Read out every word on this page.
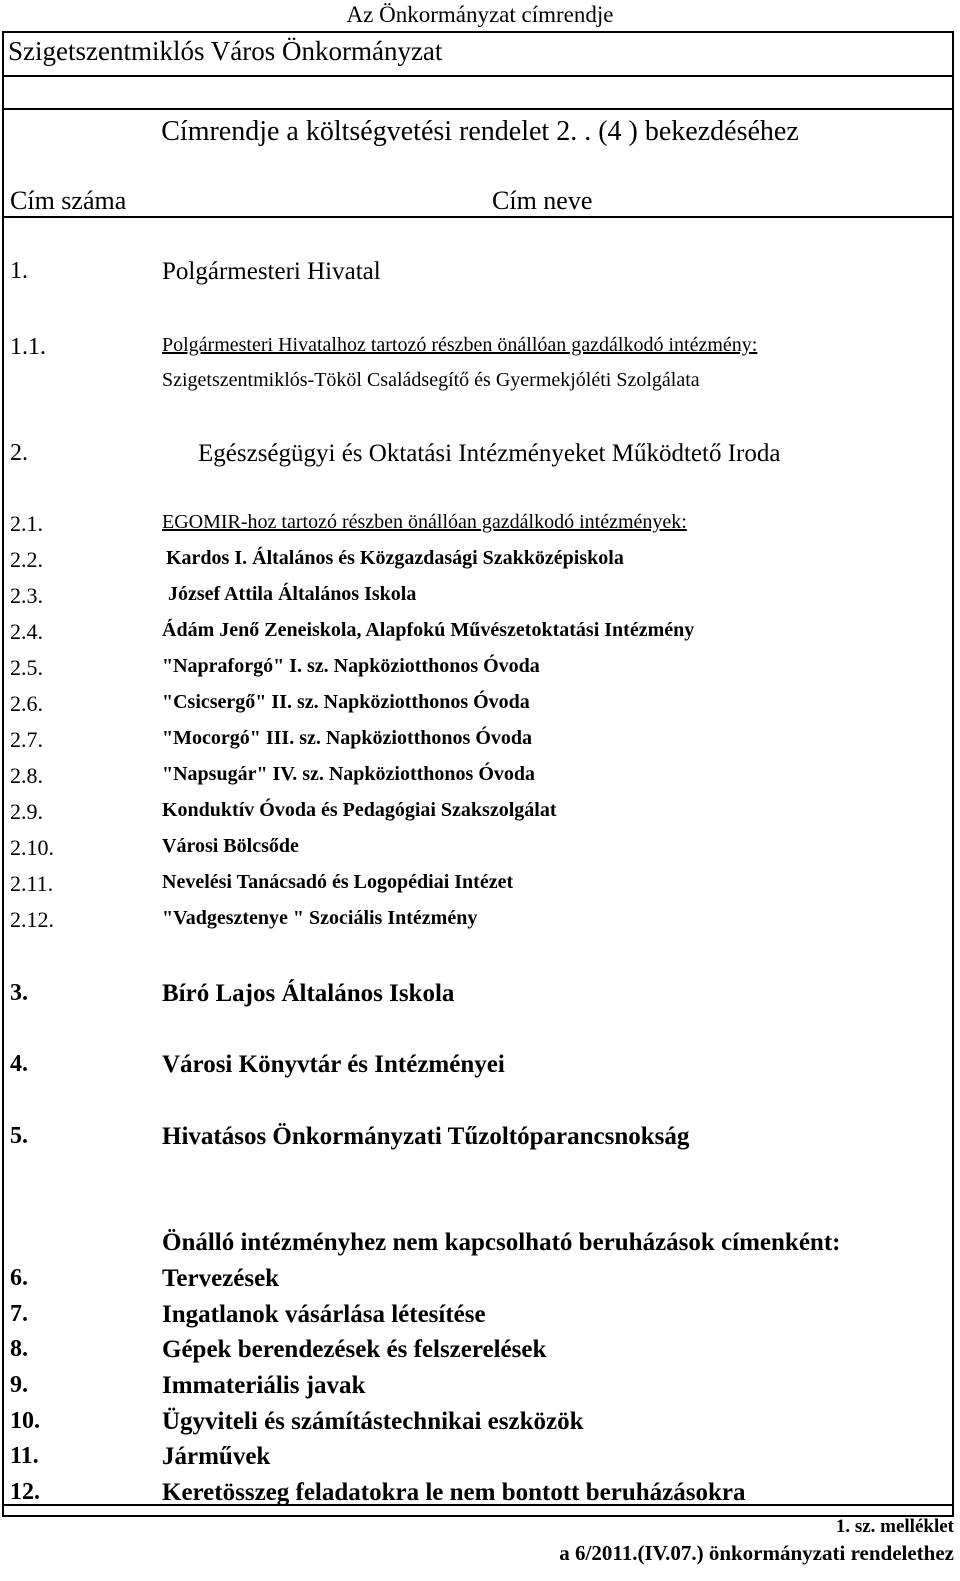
Az Önkormányzat címrendje
Szigetszentmiklós Város Önkormányzat
Címrendje a költségvetési rendelet 2. . (4 ) bekezdéséhez
Cím száma	Cím neve
1.	Polgármesteri Hivatal
1.1.	Polgármesteri Hivatalhoz tartozó részben önállóan gazdálkodó intézmény:
Szigetszentmiklós-Tököl Családsegítő és Gyermekjóléti Szolgálata
2.	Egészségügyi és Oktatási Intézményeket Működtető Iroda
2.1.	EGOMIR-hoz tartozó részben önállóan gazdálkodó intézmények:
2.2.	Kardos I. Általános és Közgazdasági Szakközépiskola
2.3.	József Attila Általános Iskola
2.4.	Ádám Jenő Zeneiskola, Alapfokú Művészetoktatási Intézmény
2.5.	"Napraforgó" I. sz. Napköziotthonos Óvoda
2.6.	"Csicsergő" II. sz. Napköziotthonos Óvoda
2.7.	"Mocorgó" III. sz. Napköziotthonos Óvoda
2.8.	"Napsugár" IV. sz. Napköziotthonos Óvoda
2.9.	Konduktív Óvoda és Pedagógiai Szakszolgálat
2.10.	Városi Bölcsőde
2.11.	Nevelési Tanácsadó és Logopédiai Intézet
2.12.	"Vadgesztenye " Szociális Intézmény
3.	Bíró Lajos Általános Iskola
4.	Városi Könyvtár és Intézményei
5.	Hivatásos Önkormányzati Tűzoltóparancsnokság
Önálló intézményhez nem kapcsolható beruházások címenként:
6.	Tervezések
7.	Ingatlanok vásárlása létesítése
8.	Gépek berendezések és felszerelések
9.	Immateriális javak
10.	Ügyviteli és számítástechnikai eszközök
11.	Járművek
12.	Keretösszeg feladatokra le nem bontott beruházásokra
1. sz. melléklet
a 6/2011.(IV.07.) önkormányzati rendelethez
